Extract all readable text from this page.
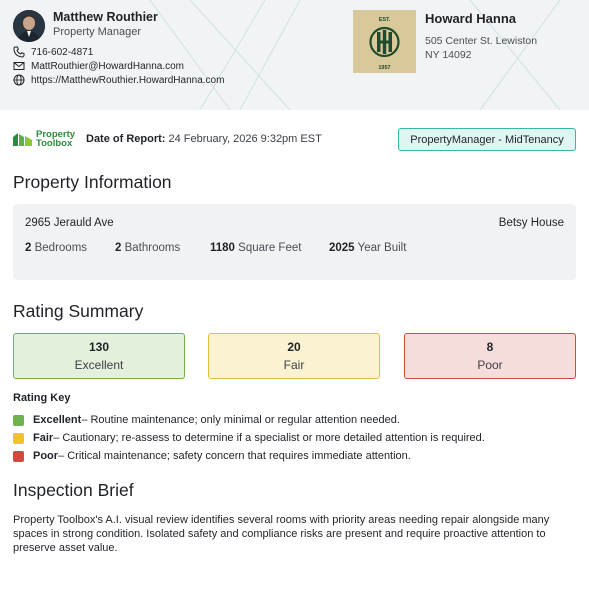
Matthew Routhier
Property Manager
716-602-4871
MattRouthier@HowardHanna.com
https://MatthewRouthier.HowardHanna.com
EST.
1957
Howard Hanna
505 Center St. Lewiston
NY 14092
Property
Toolbox Date of Report: 24 February, 2026 9:32pm EST	PropertyManager - MidTenancy
Property Information
2965 Jerauld Ave	Betsy House
2 Bedrooms 2 Bathrooms	1180 Square Feet 2025 Year Built
Rating Summary
130
Excellent
20
Fair
8
Poor
Rating Key
Excellent – Routine maintenance; only minimal or regular attention needed.
Fair – Cautionary; re-assess to determine if a specialist or more detailed attention is required.
Poor – Critical maintenance; safety concern that requires immediate attention.
Inspection Brief
Property Toolbox's A.I. visual review identifies several rooms with priority areas needing repair alongside many spaces in strong condition. Isolated safety and compliance risks are present and require proactive attention to preserve asset value.
